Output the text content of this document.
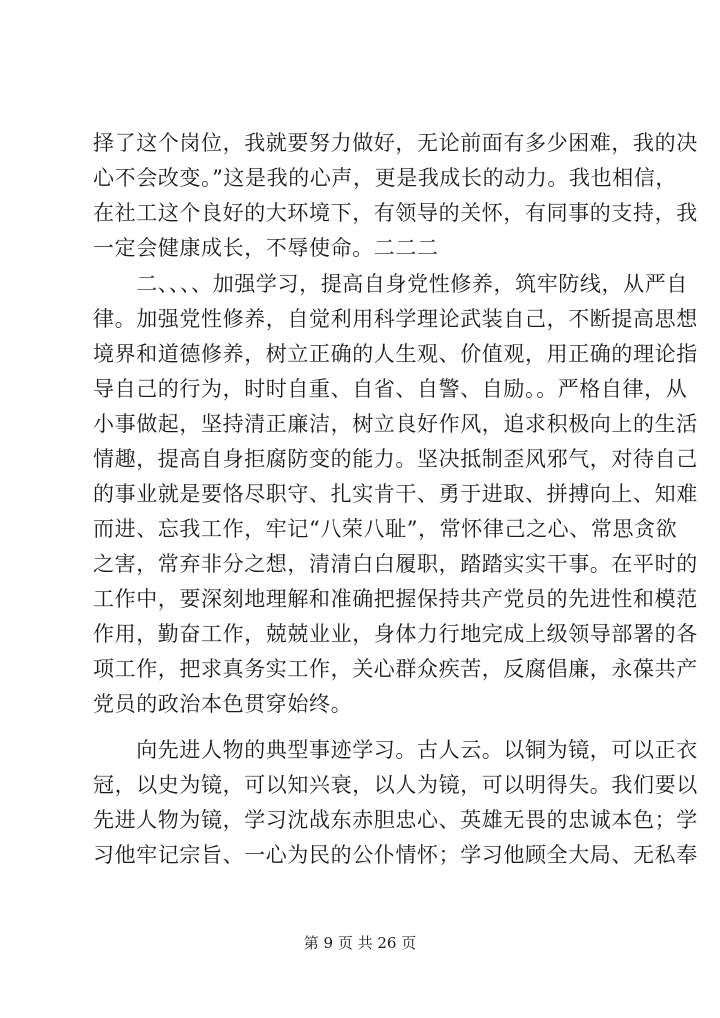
择了这个岗位，我就要努力做好，无论前面有多少困难，我的决
心不会改变。”这是我的心声，更是我成长的动力。我也相信，
在社工这个良好的大环境下，有领导的关怀，有同事的支持，我
一定会健康成长，不辱使命。二二二
　　二、、、、加强学习，提高自身党性修养，筑牢防线，从严自
律。加强党性修养，自觉利用科学理论武装自己，不断提高思想
境界和道德修养，树立正确的人生观、价值观，用正确的理论指
导自己的行为，时时自重、自省、自警、自励。。严格自律，从
小事做起，坚持清正廉洁，树立良好作风，追求积极向上的生活
情趣，提高自身拒腐防变的能力。坚决抵制歪风邪气，对待自己
的事业就是要恪尽职守、扎实肯干、勇于进取、拼搏向上、知难
而进、忘我工作，牢记“八荣八耻”，常怀律己之心、常思贪欲
之害，常弃非分之想，清清白白履职，踏踏实实干事。在平时的
工作中，要深刻地理解和准确把握保持共产党员的先进性和模范
作用，勤奋工作，兢兢业业，身体力行地完成上级领导部署的各
项工作，把求真务实工作，关心群众疾苦，反腐倡廉，永葆共产
党员的政治本色贯穿始终。
　　向先进人物的典型事迹学习。古人云。以铜为镜，可以正衣
冠，以史为镜，可以知兴衰，以人为镜，可以明得失。我们要以
先进人物为镜，学习沈战东赤胆忠心、英雄无畏的忠诚本色；学
习他牢记宗旨、一心为民的公仆情怀；学习他顾全大局、无私奉
第 9 页 共 26 页
